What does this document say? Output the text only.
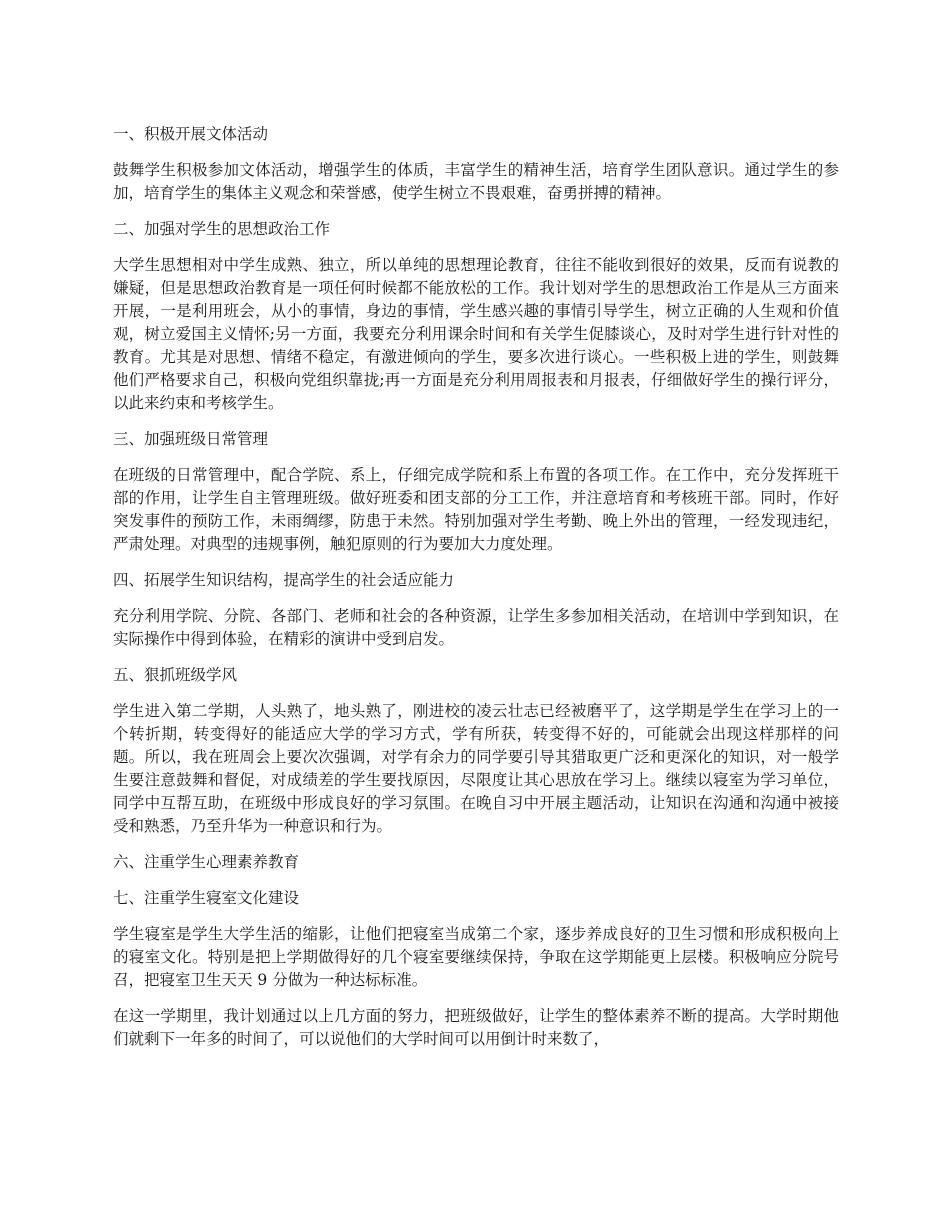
一、积极开展文体活动
鼓舞学生积极参加文体活动，增强学生的体质，丰富学生的精神生活，培育学生团队意识。通过学生的参加，培育学生的集体主义观念和荣誉感，使学生树立不畏艰难，奋勇拼搏的精神。
二、加强对学生的思想政治工作
大学生思想相对中学生成熟、独立，所以单纯的思想理论教育，往往不能收到很好的效果，反而有说教的嫌疑，但是思想政治教育是一项任何时候都不能放松的工作。我计划对学生的思想政治工作是从三方面来开展，一是利用班会，从小的事情，身边的事情，学生感兴趣的事情引导学生，树立正确的人生观和价值观，树立爱国主义情怀;另一方面，我要充分利用课余时间和有关学生促膝谈心，及时对学生进行针对性的教育。尤其是对思想、情绪不稳定，有激进倾向的学生，要多次进行谈心。一些积极上进的学生，则鼓舞他们严格要求自己，积极向党组织靠拢;再一方面是充分利用周报表和月报表，仔细做好学生的操行评分，以此来约束和考核学生。
三、加强班级日常管理
在班级的日常管理中，配合学院、系上，仔细完成学院和系上布置的各项工作。在工作中，充分发挥班干部的作用，让学生自主管理班级。做好班委和团支部的分工工作，并注意培育和考核班干部。同时，作好突发事件的预防工作，未雨绸缪，防患于未然。特别加强对学生考勤、晚上外出的管理，一经发现违纪，严肃处理。对典型的违规事例，触犯原则的行为要加大力度处理。
四、拓展学生知识结构，提高学生的社会适应能力
充分利用学院、分院、各部门、老师和社会的各种资源，让学生多参加相关活动，在培训中学到知识，在实际操作中得到体验，在精彩的演讲中受到启发。
五、狠抓班级学风
学生进入第二学期，人头熟了，地头熟了，刚进校的凌云壮志已经被磨平了，这学期是学生在学习上的一个转折期，转变得好的能适应大学的学习方式，学有所获，转变得不好的，可能就会出现这样那样的问题。所以，我在班周会上要次次强调，对学有余力的同学要引导其猎取更广泛和更深化的知识，对一般学生要注意鼓舞和督促，对成绩差的学生要找原因，尽限度让其心思放在学习上。继续以寝室为学习单位，同学中互帮互助，在班级中形成良好的学习氛围。在晚自习中开展主题活动，让知识在沟通和沟通中被接受和熟悉，乃至升华为一种意识和行为。
六、注重学生心理素养教育
七、注重学生寝室文化建设
学生寝室是学生大学生活的缩影，让他们把寝室当成第二个家，逐步养成良好的卫生习惯和形成积极向上的寝室文化。特别是把上学期做得好的几个寝室要继续保持，争取在这学期能更上层楼。积极响应分院号召，把寝室卫生天天 9 分做为一种达标标准。
在这一学期里，我计划通过以上几方面的努力，把班级做好，让学生的整体素养不断的提高。大学时期他们就剩下一年多的时间了，可以说他们的大学时间可以用倒计时来数了，
